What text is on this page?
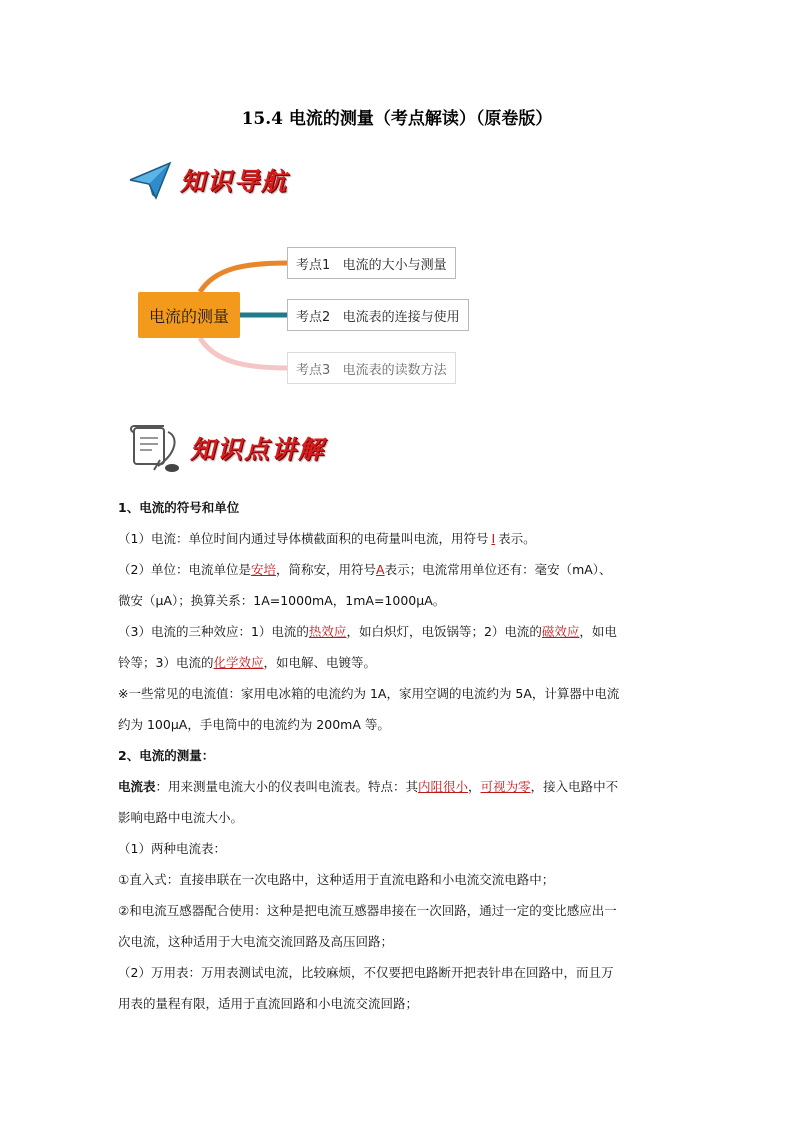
15.4 电流的测量（考点解读）（原卷版）
知识导航
电流的测量
考点1   电流的大小与测量
考点2   电流表的连接与使用
考点3   电流表的读数方法
知识点讲解

1、电流的符号和单位

（1）电流：单位时间内通过导体横截面积的电荷量叫电流，用符号 I 表示。

（2）单位：电流单位是安培，简称安，用符号A表示；电流常用单位还有：毫安（mA）、

微安（μA）；换算关系：1A=1000mA，1mA=1000μA。

（3）电流的三种效应：1）电流的热效应，如白炽灯，电饭锅等；2）电流的磁效应，如电

铃等；3）电流的化学效应，如电解、电镀等。

※一些常见的电流值：家用电冰箱的电流约为 1A，家用空调的电流约为 5A，计算器中电流

约为 100μA，手电筒中的电流约为 200mA 等。

2、电流的测量：

电流表：用来测量电流大小的仪表叫电流表。特点：其内阻很小，可视为零，接入电路中不

影响电路中电流大小。

（1）两种电流表：

①直入式：直接串联在一次电路中，这种适用于直流电路和小电流交流电路中；

②和电流互感器配合使用：这种是把电流互感器串接在一次回路，通过一定的变比感应出一

次电流，这种适用于大电流交流回路及高压回路；

（2）万用表：万用表测试电流，比较麻烦，不仅要把电路断开把表针串在回路中，而且万

用表的量程有限，适用于直流回路和小电流交流回路；
